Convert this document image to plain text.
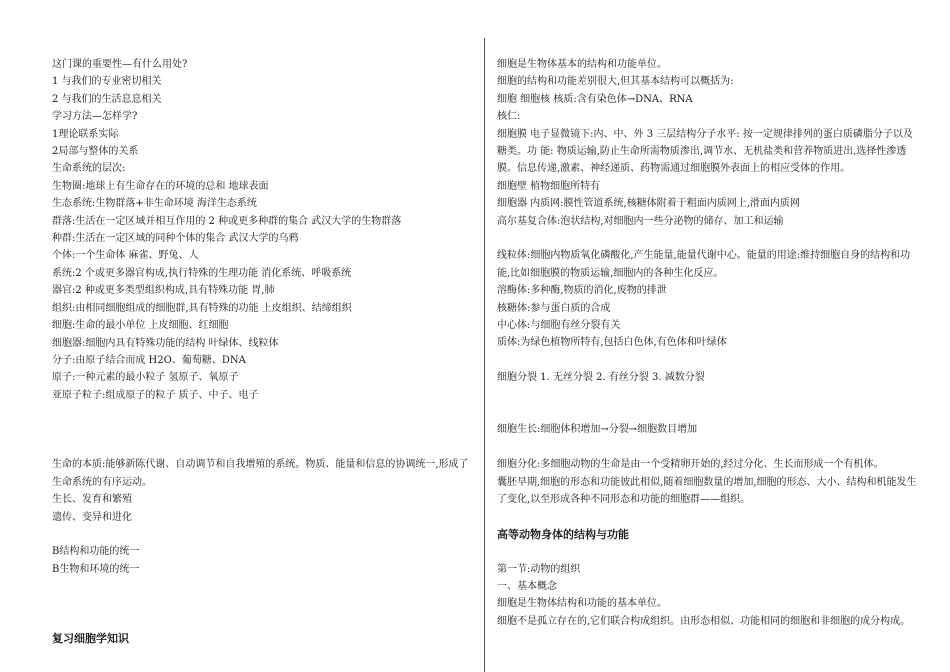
这门课的重要性—有什么用处?
1 与我们的专业密切相关
2 与我们的生活息息相关
学习方法—怎样学?
1理论联系实际
2局部与整体的关系
生命系统的层次:
生物圈:地球上有生命存在的环境的总和 地球表面
生态系统:生物群落+非生命环境 海洋生态系统
群落:生活在一定区域并相互作用的 2 种或更多种群的集合 武汉大学的生物群落
种群:生活在一定区域的同种个体的集合 武汉大学的乌鸦
个体:一个生命体 麻雀、野兔、人
系统:2 个或更多器官构成,执行特殊的生理功能 消化系统、呼吸系统
器官:2 种或更多类型组织构成,具有特殊功能 胃,肺
组织:由相同细胞组成的细胞群,具有特殊的功能 上皮组织、结缔组织
细胞:生命的最小单位 上皮细胞、红细胞
细胞器:细胞内具有特殊功能的结构 叶绿体、线粒体
分子:由原子结合而成 H2O、葡萄糖、DNA
原子:一种元素的最小粒子 氢原子、氧原子
亚原子粒子:组成原子的粒子 质子、中子、电子
生命的本质:能够新陈代谢、自动调节和自我增殖的系统。物质、能量和信息的协调统一,形成了生命系统的有序运动。
生长、发育和繁殖
遗传、变异和进化
B结构和功能的统一
B生物和环境的统一
复习细胞学知识
细胞是生物体基本的结构和功能单位。
细胞的结构和功能差别很大,但其基本结构可以概括为:
细胞 细胞核 核质:含有染色体→DNA、RNA
核仁:
细胞膜 电子显微镜下:内、中、外 3 三层结构分子水平: 按一定规律排列的蛋白质磷脂分子以及糖类。功 能: 物质运输,防止生命所需物质渗出,调节水、无机盐类和营养物质进出,选择性渗透膜。信息传递,激素、神经递质、药物需通过细胞膜外表面上的相应受体的作用。
细胞壁 植物细胞所特有
细胞器 内质网:膜性管道系统,核糖体附着于粗面内质网上,滑面内质网
高尔基复合体:泡状结构,对细胞内一些分泌物的储存、加工和运输
线粒体:细胞内物质氧化磷酸化,产生能量,能量代谢中心。能量的用途:维持细胞自身的结构和功能,比如细胞膜的物质运输,细胞内的各种生化反应。
溶酶体:多种酶,物质的消化,废物的排泄
核糖体:参与蛋白质的合成
中心体:与细胞有丝分裂有关
质体:为绿色植物所特有,包括白色体,有色体和叶绿体
细胞分裂 1. 无丝分裂 2. 有丝分裂 3. 减数分裂
细胞生长:细胞体积增加→分裂→细胞数目增加
细胞分化:多细胞动物的生命是由一个受精卵开始的,经过分化、生长而形成一个有机体。
囊胚早期,细胞的形态和功能彼此相似,随着细胞数量的增加,细胞的形态、大小、结构和机能发生了变化,以至形成各种不同形态和功能的细胞群——组织。
高等动物身体的结构与功能
第一节:动物的组织
一、基本概念
细胞是生物体结构和功能的基本单位。
细胞不是孤立存在的,它们联合构成组织。由形态相似、功能相同的细胞和非细胞的成分构成。
